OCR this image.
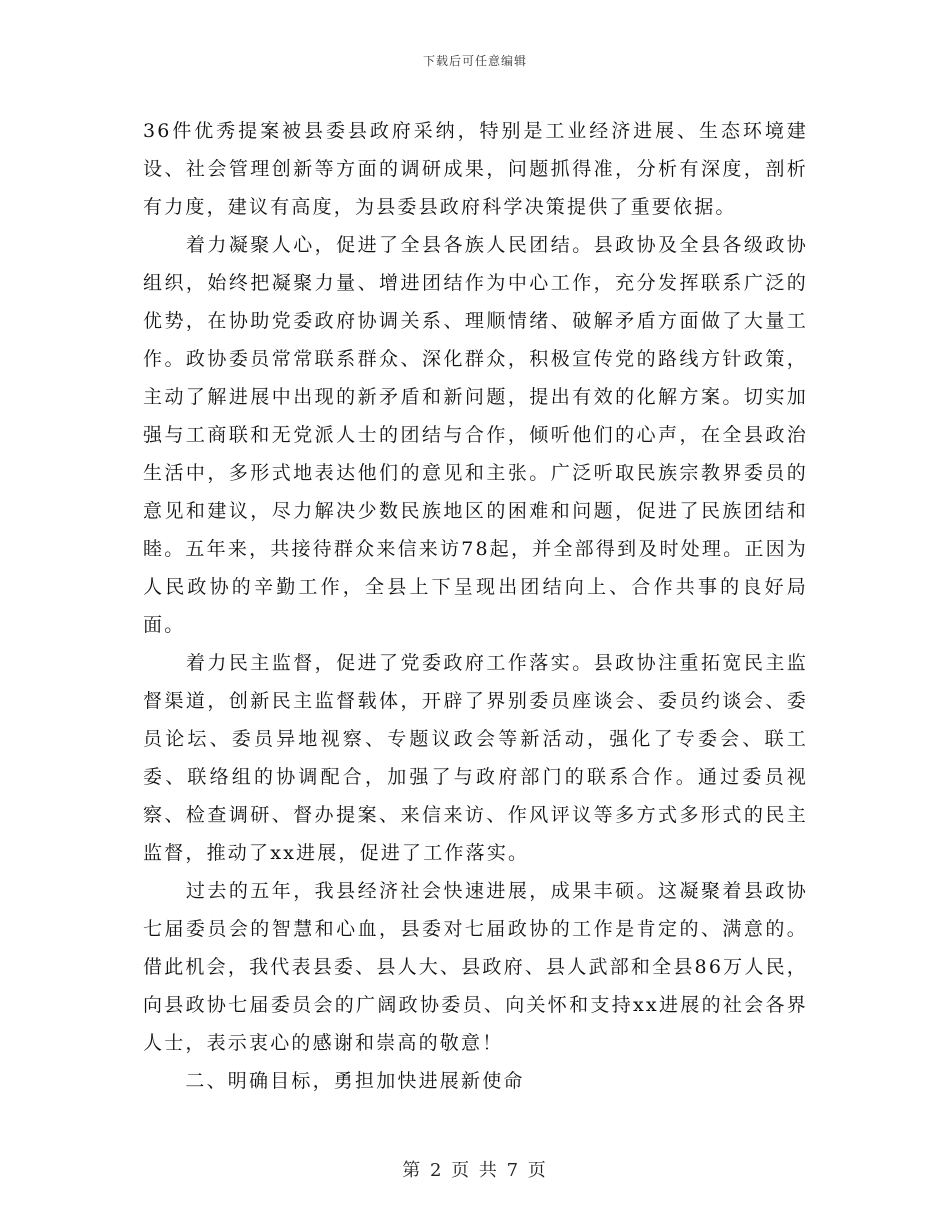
下载后可任意编辑

36件优秀提案被县委县政府采纳，特别是工业经济进展、生态环境建设、社会管理创新等方面的调研成果，问题抓得准，分析有深度，剖析有力度，建议有高度，为县委县政府科学决策提供了重要依据。

　　着力凝聚人心，促进了全县各族人民团结。县政协及全县各级政协组织，始终把凝聚力量、增进团结作为中心工作，充分发挥联系广泛的优势，在协助党委政府协调关系、理顺情绪、破解矛盾方面做了大量工作。政协委员常常联系群众、深化群众，积极宣传党的路线方针政策，主动了解进展中出现的新矛盾和新问题，提出有效的化解方案。切实加强与工商联和无党派人士的团结与合作，倾听他们的心声，在全县政治生活中，多形式地表达他们的意见和主张。广泛听取民族宗教界委员的意见和建议，尽力解决少数民族地区的困难和问题，促进了民族团结和睦。五年来，共接待群众来信来访78起，并全部得到及时处理。正因为人民政协的辛勤工作，全县上下呈现出团结向上、合作共事的良好局面。

　　着力民主监督，促进了党委政府工作落实。县政协注重拓宽民主监督渠道，创新民主监督载体，开辟了界别委员座谈会、委员约谈会、委员论坛、委员异地视察、专题议政会等新活动，强化了专委会、联工委、联络组的协调配合，加强了与政府部门的联系合作。通过委员视察、检查调研、督办提案、来信来访、作风评议等多方式多形式的民主监督，推动了xx进展，促进了工作落实。

　　过去的五年，我县经济社会快速进展，成果丰硕。这凝聚着县政协七届委员会的智慧和心血，县委对七届政协的工作是肯定的、满意的。借此机会，我代表县委、县人大、县政府、县人武部和全县86万人民，向县政协七届委员会的广阔政协委员、向关怀和支持xx进展的社会各界人士，表示衷心的感谢和崇高的敬意！

　　二、明确目标，勇担加快进展新使命

第 2 页 共 7 页
